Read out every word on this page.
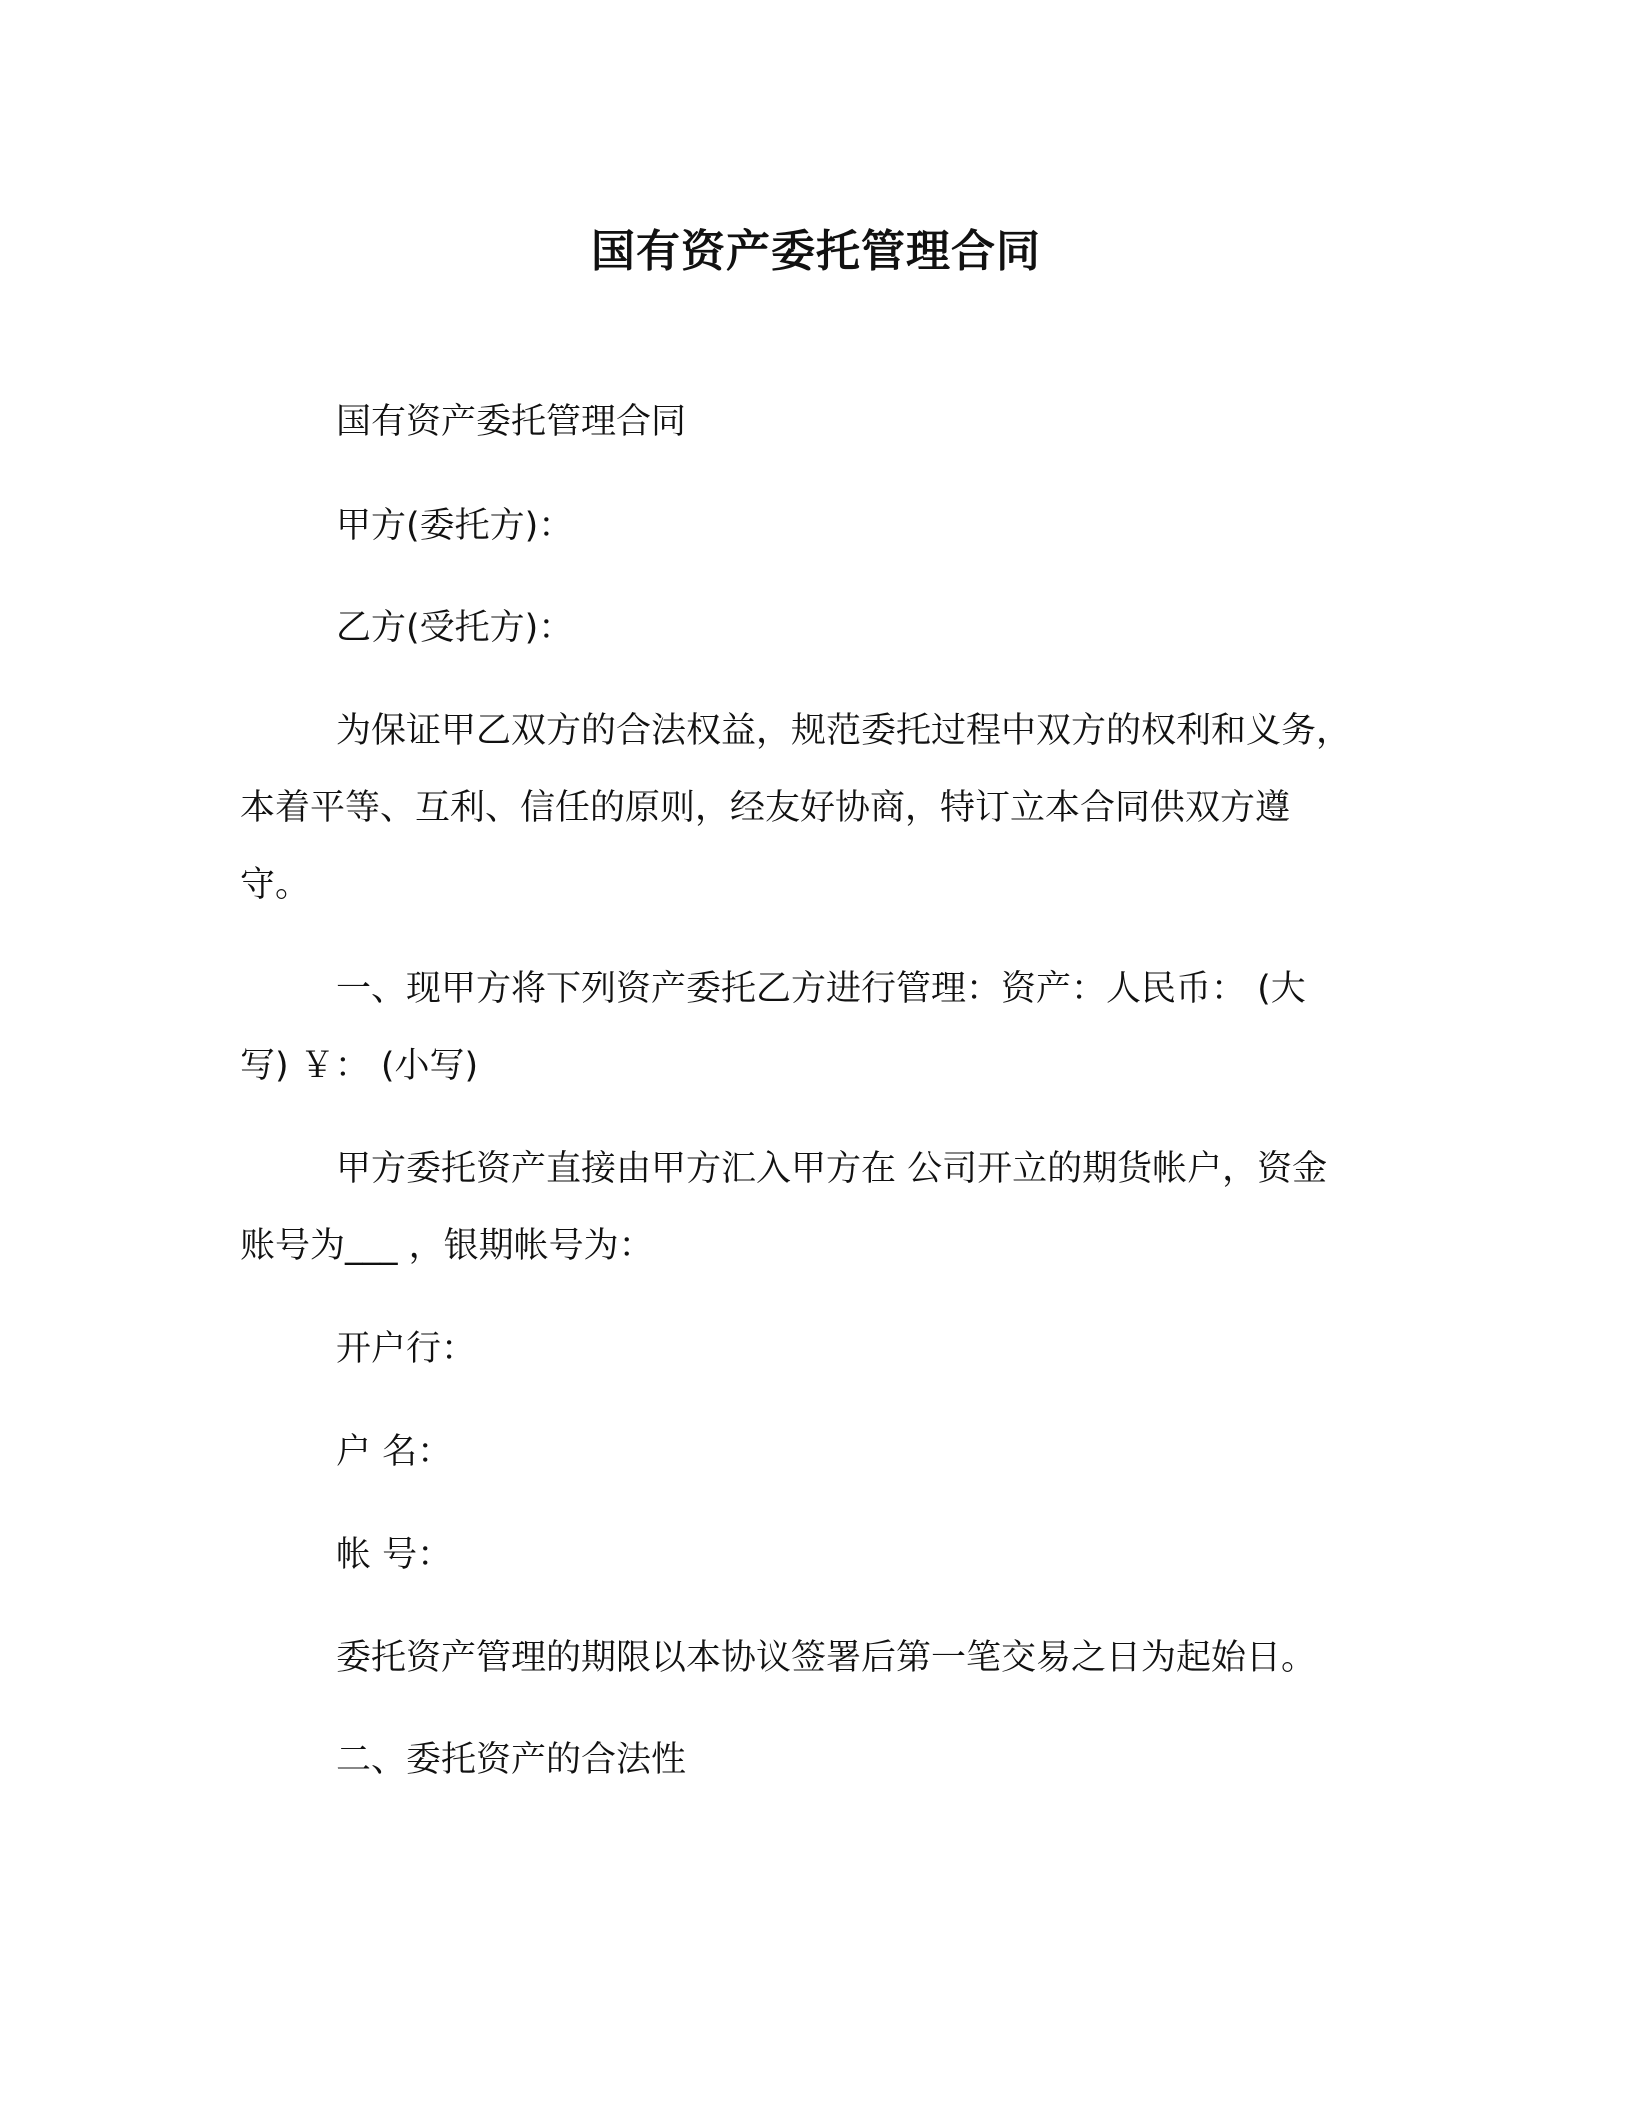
国有资产委托管理合同

国有资产委托管理合同

甲方(委托方)：

乙方(受托方)：

为保证甲乙双方的合法权益，规范委托过程中双方的权利和义务，
本着平等、互利、信任的原则，经友好协商，特订立本合同供双方遵
守。
一、现甲方将下列资产委托乙方进行管理：资产：人民币： (大
写) ￥： (小写)
甲方委托资产直接由甲方汇入甲方在 公司开立的期货帐户，资金
账号为___ ，银期帐号为：

开户行：

户 名：

帐 号：

委托资产管理的期限以本协议签署后第一笔交易之日为起始日。

二、委托资产的合法性
